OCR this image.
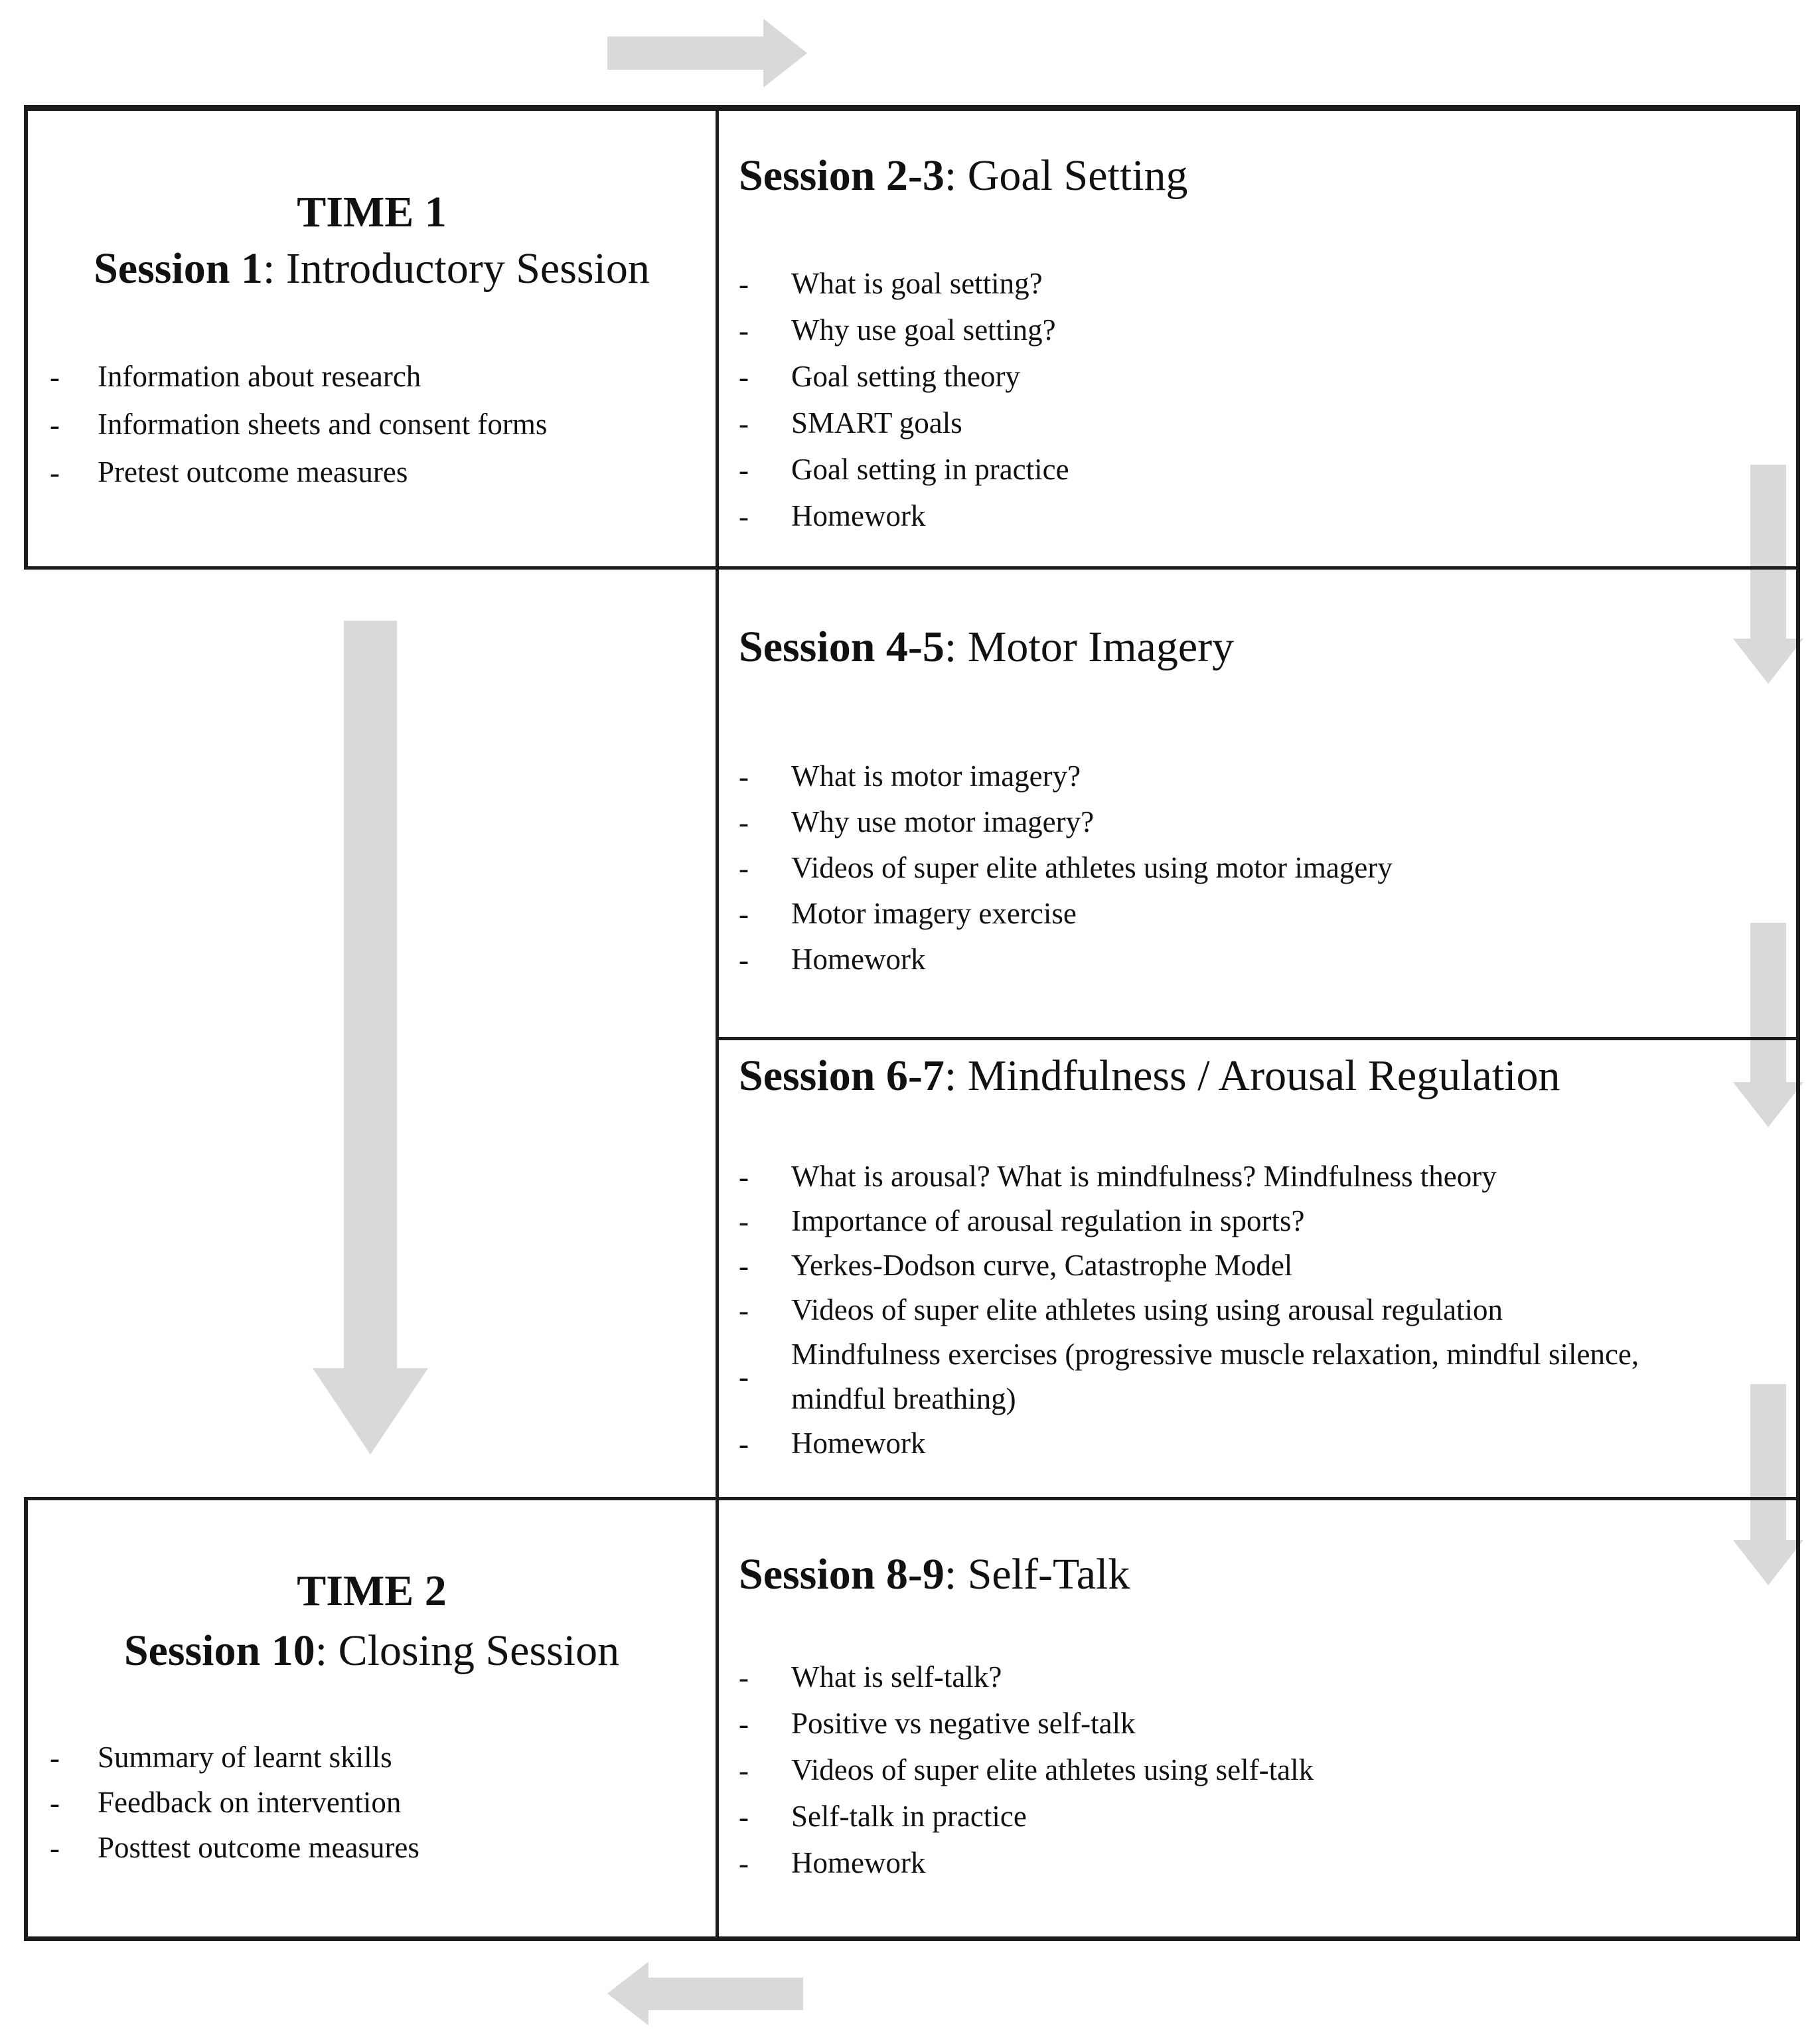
TIME 1
Session 1: Introductory Session
-	Information about research
-	Information sheets and consent forms
-	Pretest outcome measures
Session 2-3: Goal Setting
-	What is goal setting?
-	Why use goal setting?
-	Goal setting theory
-	SMART goals
-	Goal setting in practice
-	Homework
Session 4-5: Motor Imagery
-	What is motor imagery?
-	Why use motor imagery?
-	Videos of super elite athletes using motor imagery
-	Motor imagery exercise
-	Homework
Session 6-7: Mindfulness / Arousal Regulation
-	What is arousal? What is mindfulness? Mindfulness theory
-	Importance of arousal regulation in sports?
-	Yerkes-Dodson curve, Catastrophe Model
-	Videos of super elite athletes using using arousal regulation
-
Mindfulness exercises (progressive muscle relaxation, mindful silence, mindful breathing)
-	Homework
Session 8-9: Self-Talk
-	What is self-talk?
-	Positive vs negative self-talk
-	Videos of super elite athletes using self-talk
-	Self-talk in practice
-	Homework
TIME 2
Session 10: Closing Session
-	Summary of learnt skills
-	Feedback on intervention
-	Posttest outcome measures
